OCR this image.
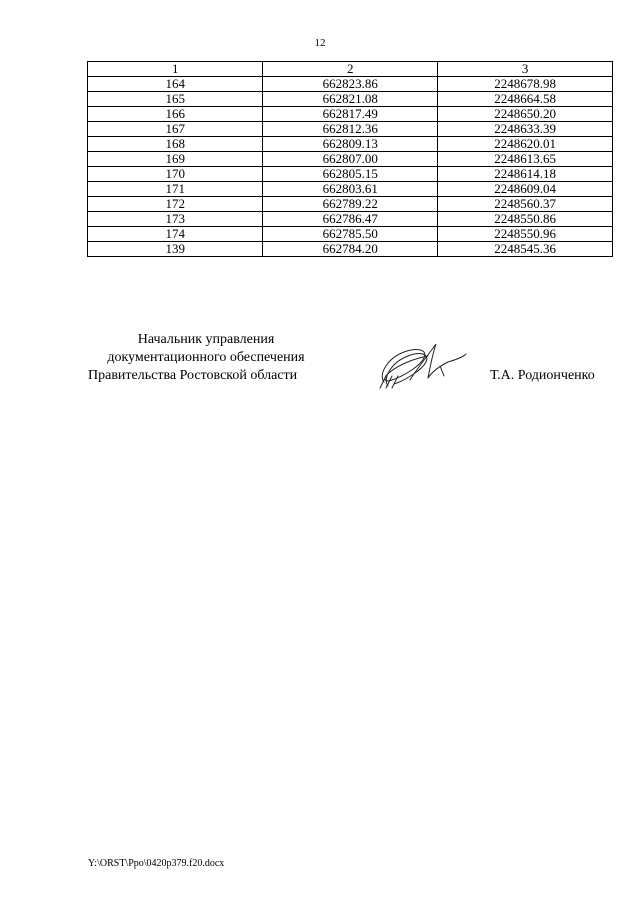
12
1	2	3
164	662823.86	2248678.98
165	662821.08	2248664.58
166	662817.49	2248650.20
167	662812.36	2248633.39
168	662809.13	2248620.01
169	662807.00	2248613.65
170	662805.15	2248614.18
171	662803.61	2248609.04
172	662789.22	2248560.37
173	662786.47	2248550.86
174	662785.50	2248550.96
139	662784.20	2248545.36
Начальник управления
документационного обеспечения
Правительства Ростовской области	Т.А. Родионченко
Y:\ORST\Ppo\0420p379.f20.docx
